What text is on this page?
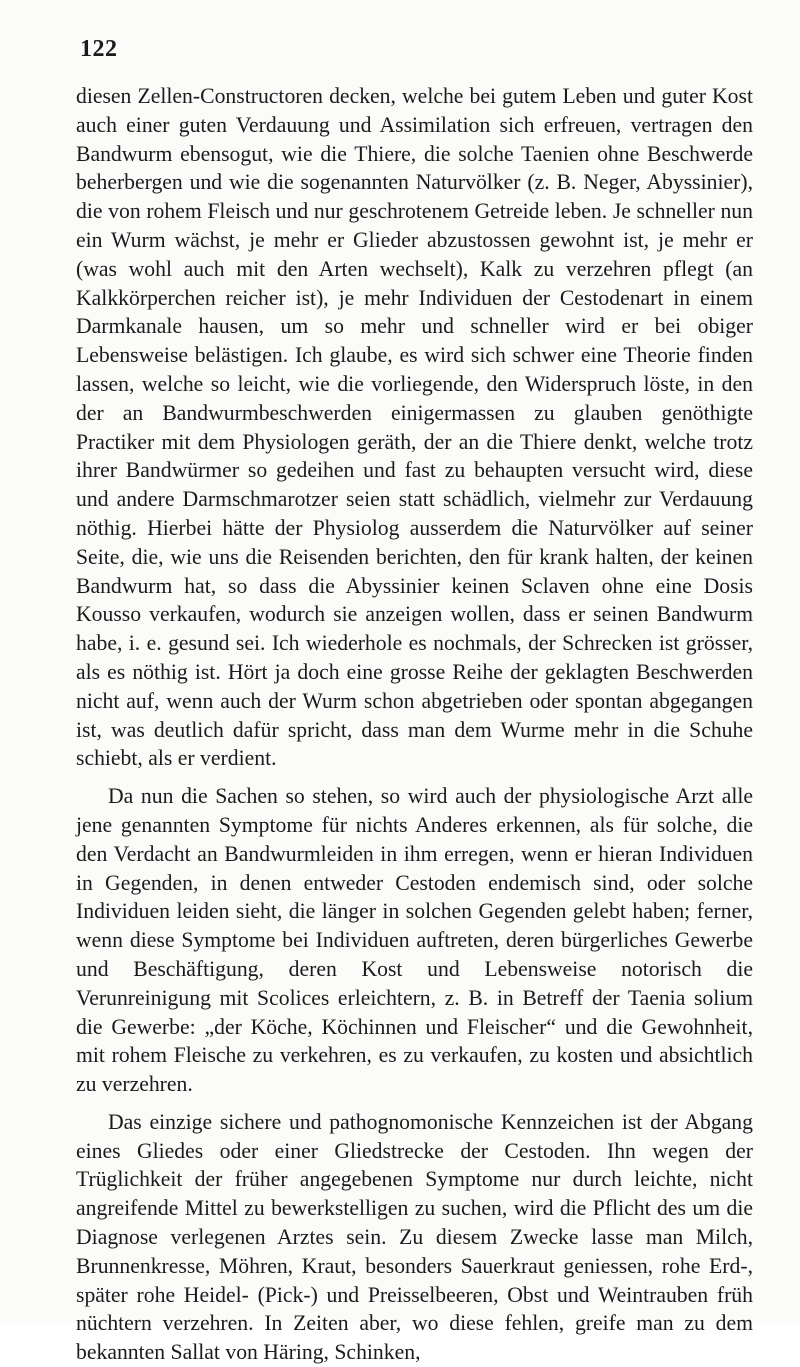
122

diesen Zellen-Constructoren decken, welche bei gutem Leben und guter Kost auch einer guten Verdauung und Assimilation sich erfreuen, vertragen den Bandwurm ebensogut, wie die Thiere, die solche Taenien ohne Beschwerde beherbergen und wie die sogenannten Naturvölker (z. B. Neger, Abyssinier), die von rohem Fleisch und nur geschrotenem Getreide leben. Je schneller nun ein Wurm wächst, je mehr er Glieder abzustossen gewohnt ist, je mehr er (was wohl auch mit den Arten wechselt), Kalk zu verzehren pflegt (an Kalkkörperchen reicher ist), je mehr Individuen der Cestodenart in einem Darmkanale hausen, um so mehr und schneller wird er bei obiger Lebensweise belästigen. Ich glaube, es wird sich schwer eine Theorie finden lassen, welche so leicht, wie die vorliegende, den Widerspruch löste, in den der an Bandwurmbeschwerden einigermassen zu glauben genöthigte Practiker mit dem Physiologen geräth, der an die Thiere denkt, welche trotz ihrer Bandwürmer so gedeihen und fast zu behaupten versucht wird, diese und andere Darmschmarotzer seien statt schädlich, vielmehr zur Verdauung nöthig. Hierbei hätte der Physiolog ausserdem die Naturvölker auf seiner Seite, die, wie uns die Reisenden berichten, den für krank halten, der keinen Bandwurm hat, so dass die Abyssinier keinen Sclaven ohne eine Dosis Kousso verkaufen, wodurch sie anzeigen wollen, dass er seinen Bandwurm habe, i. e. gesund sei. Ich wiederhole es nochmals, der Schrecken ist grösser, als es nöthig ist. Hört ja doch eine grosse Reihe der geklagten Beschwerden nicht auf, wenn auch der Wurm schon abgetrieben oder spontan abgegangen ist, was deutlich dafür spricht, dass man dem Wurme mehr in die Schuhe schiebt, als er verdient.

Da nun die Sachen so stehen, so wird auch der physiologische Arzt alle jene genannten Symptome für nichts Anderes erkennen, als für solche, die den Verdacht an Bandwurmleiden in ihm erregen, wenn er hieran Individuen in Gegenden, in denen entweder Cestoden endemisch sind, oder solche Individuen leiden sieht, die länger in solchen Gegenden gelebt haben; ferner, wenn diese Symptome bei Individuen auftreten, deren bürgerliches Gewerbe und Beschäftigung, deren Kost und Lebensweise notorisch die Verunreinigung mit Scolices erleichtern, z. B. in Betreff der Taenia solium die Gewerbe: „der Köche, Köchinnen und Fleischer“ und die Gewohnheit, mit rohem Fleische zu verkehren, es zu verkaufen, zu kosten und absichtlich zu verzehren.

Das einzige sichere und pathognomonische Kennzeichen ist der Abgang eines Gliedes oder einer Gliedstrecke der Cestoden. Ihn wegen der Trüglichkeit der früher angegebenen Symptome nur durch leichte, nicht angreifende Mittel zu bewerkstelligen zu suchen, wird die Pflicht des um die Diagnose verlegenen Arztes sein. Zu diesem Zwecke lasse man Milch, Brunnenkresse, Möhren, Kraut, besonders Sauerkraut geniessen, rohe Erd-, später rohe Heidel- (Pick-) und Preisselbeeren, Obst und Weintrauben früh nüchtern verzehren. In Zeiten aber, wo diese fehlen, greife man zu dem bekannten Sallat von Häring, Schinken,
